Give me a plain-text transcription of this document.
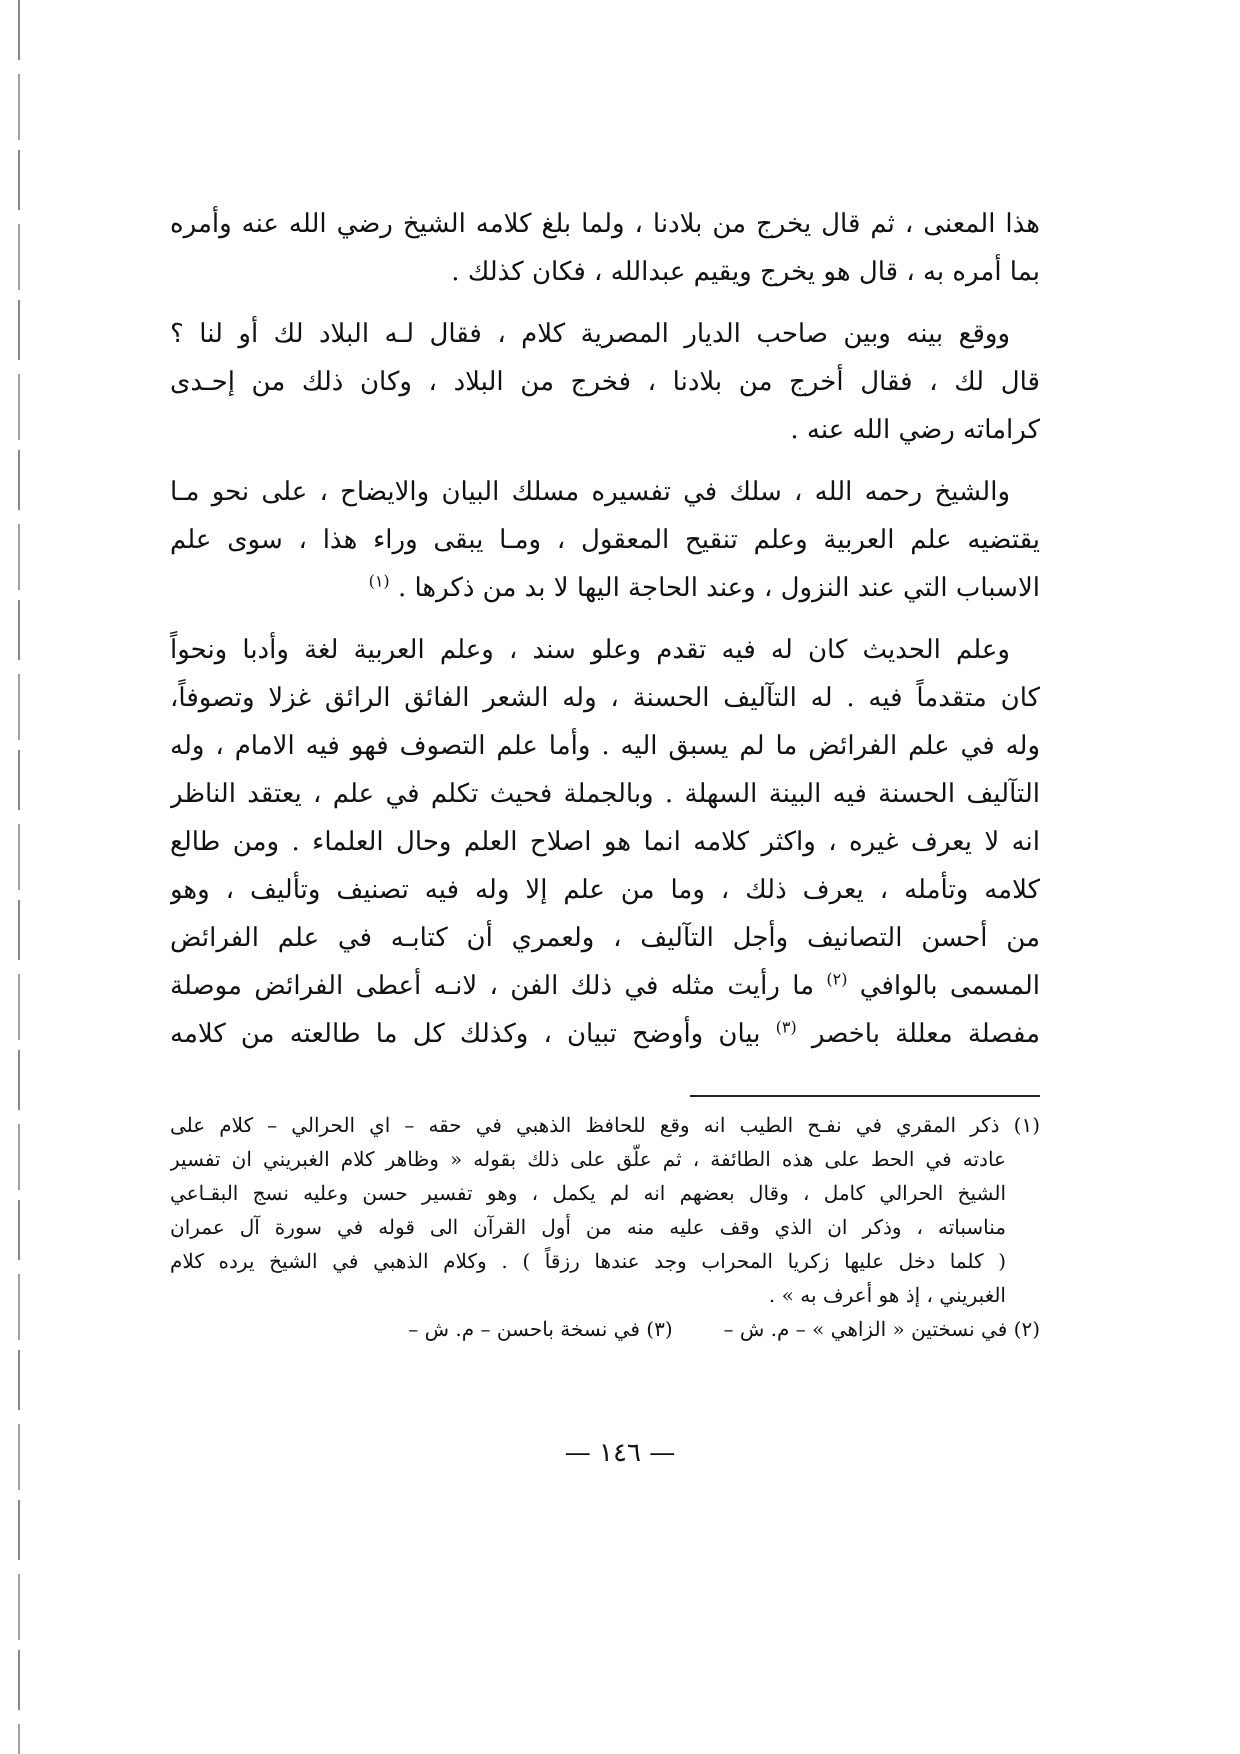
هذا المعنى ، ثم قال يخرج من بلادنا ، ولما بلغ كلامه الشيخ رضي الله عنه وأمره
بما أمره به ، قال هو يخرج ويقيم عبدالله ، فكان كذلك .

ووقع بينه وبين صاحب الديار المصرية كلام ، فقال لـه البلاد لك أو لنا ؟
قال لك ، فقال أخرج من بلادنا ، فخرج من البلاد ، وكان ذلك من إحـدى
كراماته رضي الله عنه .

والشيخ رحمه الله ، سلك في تفسيره مسلك البيان والايضاح ، على نحو مـا
يقتضيه علم العربية وعلم تنقيح المعقول ، ومـا يبقى وراء هذا ، سوى علم
الاسباب التي عند النزول ، وعند الحاجة اليها لا بد من ذكرها . $^{(١)}$

وعلم الحديث كان له فيه تقدم وعلو سند ، وعلم العربية لغة وأدبا ونحواً
كان متقدماً فيه . له التآليف الحسنة ، وله الشعر الفائق الرائق غزلا وتصوفاً،
وله في علم الفرائض ما لم يسبق اليه . وأما علم التصوف فهو فيه الامام ، وله
التآليف الحسنة فيه البينة السهلة . وبالجملة فحيث تكلم في علم ، يعتقد الناظر
انه لا يعرف غيره ، واكثر كلامه انما هو اصلاح العلم وحال العلماء . ومن طالع
كلامه وتأمله ، يعرف ذلك ، وما من علم إلا وله فيه تصنيف وتأليف ، وهو
من أحسن التصانيف وأجل التآليف ، ولعمري أن كتابـه في علم الفرائض
المسمى بالوافي $^{(٢)}$ ما رأيت مثله في ذلك الفن ، لانـه أعطى الفرائض موصلة
مفصلة معللة باخصر $^{(٣)}$ بيان وأوضح تبيان ، وكذلك كل ما طالعته من كلامه

(١) ذكر المقري في نفـح الطيب انه وقع للحافظ الذهبي في حقه – اي الحرالي – كلام على
عادته في الحط على هذه الطائفة ، ثم علّق على ذلك بقوله « وظاهر كلام الغبريني ان تفسير
الشيخ الحرالي كامل ، وقال بعضهم انه لم يكمل ، وهو تفسير حسن وعليه نسج البقـاعي
مناسباته ، وذكر ان الذي وقف عليه منه من أول القرآن الى قوله في سورة آل عمران
( كلما دخل عليها زكريا المحراب وجد عندها رزقاً ) . وكلام الذهبي في الشيخ يرده كلام
الغبريني ، إذ هو أعرف به » .
(٢) في نسختين « الزاهي » – م. ش –        (٣) في نسخة باحسن – م. ش –
— ١٤٦ —
